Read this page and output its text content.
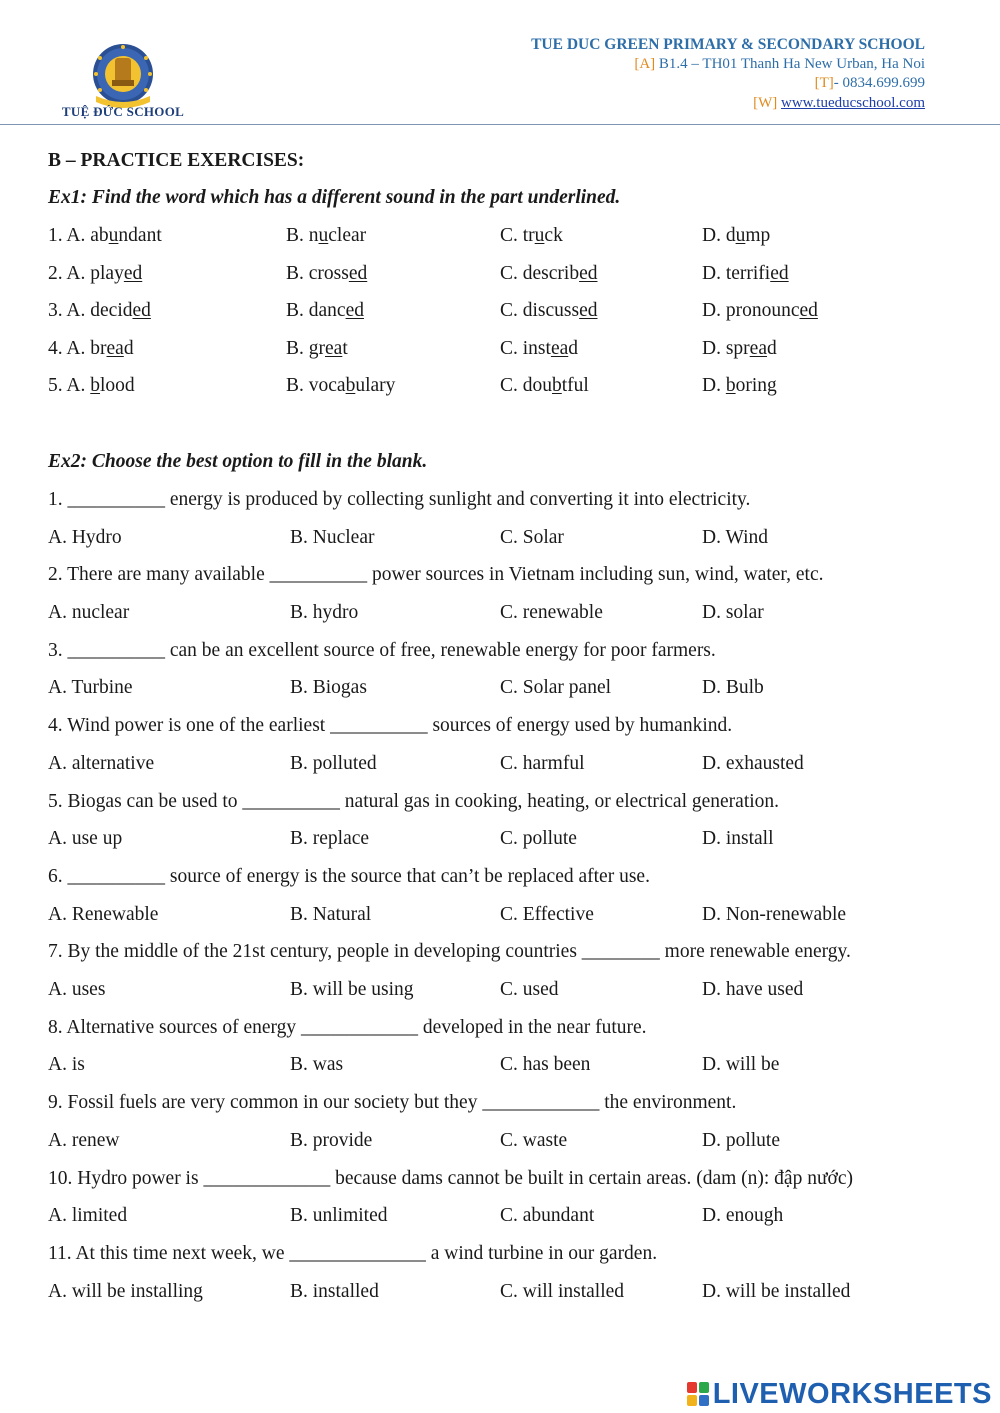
TUỆ ĐỨC SCHOOL
TUE DUC GREEN PRIMARY & SECONDARY SCHOOL
[A] B1.4 – TH01 Thanh Ha New Urban, Ha Noi
[T]- 0834.699.699
[W] www.tueducschool.com
B – PRACTICE EXERCISES:
Ex1: Find the word which has a different sound in the part underlined.
1. A. abundant	B. nuclear	C. truck	D. dump
2. A. played	B. crossed	C. described	D. terrified
3. A. decided	B. danced	C. discussed	D. pronounced
4. A. bread	B. great	C. instead	D. spread
5. A. blood	B. vocabulary	C. doubtful	D. boring
Ex2: Choose the best option to fill in the blank.
1. __________ energy is produced by collecting sunlight and converting it into electricity.
A. Hydro	B. Nuclear	C. Solar	D. Wind
2. There are many available __________ power sources in Vietnam including sun, wind, water, etc.
A. nuclear	B. hydro	C. renewable	D. solar
3. __________ can be an excellent source of free, renewable energy for poor farmers.
A. Turbine	B. Biogas	C. Solar panel	D. Bulb
4. Wind power is one of the earliest __________ sources of energy used by humankind.
A. alternative	B. polluted	C. harmful	D. exhausted
5. Biogas can be used to __________ natural gas in cooking, heating, or electrical generation.
A. use up	B. replace	C. pollute	D. install
6. __________ source of energy is the source that can’t be replaced after use.
A. Renewable	B. Natural	C. Effective	D. Non-renewable
7. By the middle of the 21st century, people in developing countries ________ more renewable energy.
A. uses	B. will be using	C. used	D. have used
8. Alternative sources of energy ____________ developed in the near future.
A. is	B. was	C. has been	D. will be
9. Fossil fuels are very common in our society but they ____________ the environment.
A. renew	B. provide	C. waste	D. pollute
10. Hydro power is _____________ because dams cannot be built in certain areas. (dam (n): đập nước)
A. limited	B. unlimited	C. abundant	D. enough
11. At this time next week, we ______________ a wind turbine in our garden.
A. will be installing	B. installed	C. will installed	D. will be installed
LIVEWORKSHEETS
